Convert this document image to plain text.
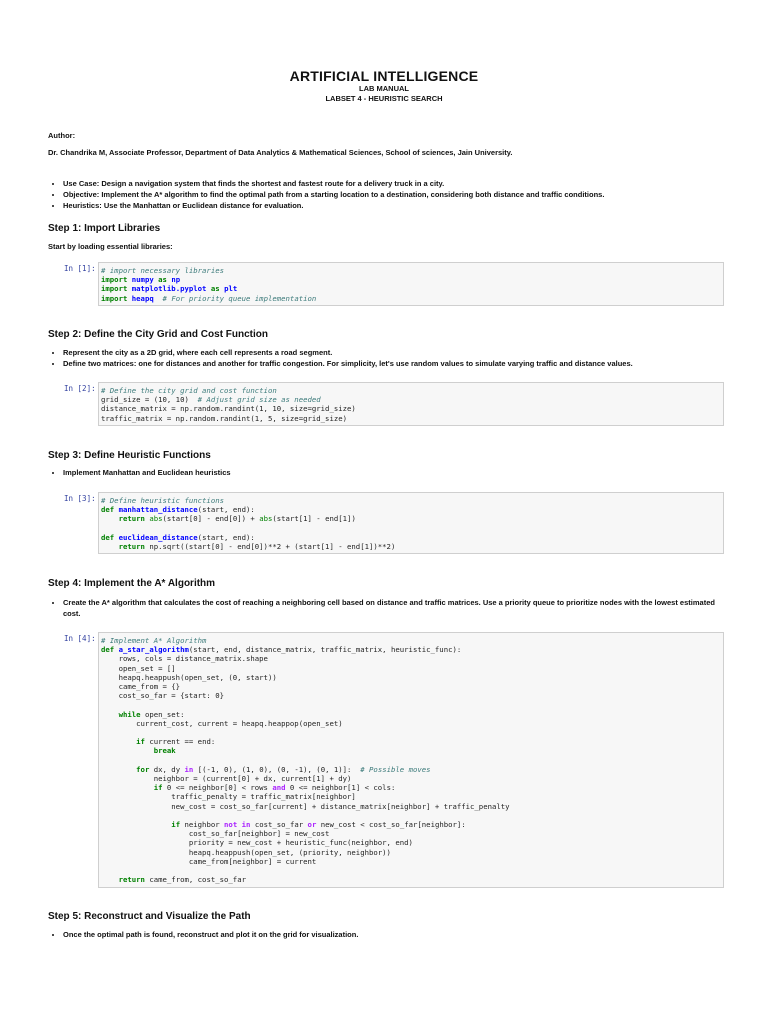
ARTIFICIAL INTELLIGENCE
LAB MANUAL
LABSET 4 - HEURISTIC SEARCH
Author:
Dr. Chandrika M, Associate Professor, Department of Data Analytics & Mathematical Sciences, School of sciences, Jain University.
• Use Case: Design a navigation system that finds the shortest and fastest route for a delivery truck in a city.
• Objective: Implement the A* algorithm to find the optimal path from a starting location to a destination, considering both distance and traffic conditions.
• Heuristics: Use the Manhattan or Euclidean distance for evaluation.
Step 1: Import Libraries
Start by loading essential libraries:
In [1]: # import necessary libraries
import numpy as np
import matplotlib.pyplot as plt
import heapq # For priority queue implementation
Step 2: Define the City Grid and Cost Function
• Represent the city as a 2D grid, where each cell represents a road segment.
• Define two matrices: one for distances and another for traffic congestion. For simplicity, let's use random values to simulate varying traffic and distance values.
In [2]: # Define the city grid and cost function
grid_size = (10, 10)  # Adjust grid size as needed
distance_matrix = np.random.randint(1, 10, size=grid_size)
traffic_matrix = np.random.randint(1, 5, size=grid_size)
Step 3: Define Heuristic Functions
• Implement Manhattan and Euclidean heuristics
In [3]: # Define heuristic functions
def manhattan_distance(start, end):
return abs(start[0] - end[0]) + abs(start[1] - end[1])

def euclidean_distance(start, end):
return np.sqrt((start[0] - end[0])**2 + (start[1] - end[1])**2)
Step 4: Implement the A* Algorithm
• Create the A* algorithm that calculates the cost of reaching a neighboring cell based on distance and traffic matrices. Use a priority queue to prioritize nodes with the lowest estimated cost.
In [4]: # Implement A* Algorithm
def a_star_algorithm(start, end, distance_matrix, traffic_matrix, heuristic_func):
rows, cols = distance_matrix.shape
open_set = []
heapq.heappush(open_set, (0, start))
came_from = {}
cost_so_far = {start: 0}

while open_set:
current_cost, current = heapq.heappop(open_set)

if current == end:
break

for dx, dy in [(-1, 0), (1, 0), (0, -1), (0, 1)]:  # Possible moves
neighbor = (current[0] + dx, current[1] + dy)
if 0 <= neighbor[0] < rows and 0 <= neighbor[1] < cols:
traffic_penalty = traffic_matrix[neighbor]
new_cost = cost_so_far[current] + distance_matrix[neighbor] + traffic_penalty

if neighbor not in cost_so_far or new_cost < cost_so_far[neighbor]:
cost_so_far[neighbor] = new_cost
priority = new_cost + heuristic_func(neighbor, end)
heapq.heappush(open_set, (priority, neighbor))
came_from[neighbor] = current

return came_from, cost_so_far
Step 5: Reconstruct and Visualize the Path
• Once the optimal path is found, reconstruct and plot it on the grid for visualization.
